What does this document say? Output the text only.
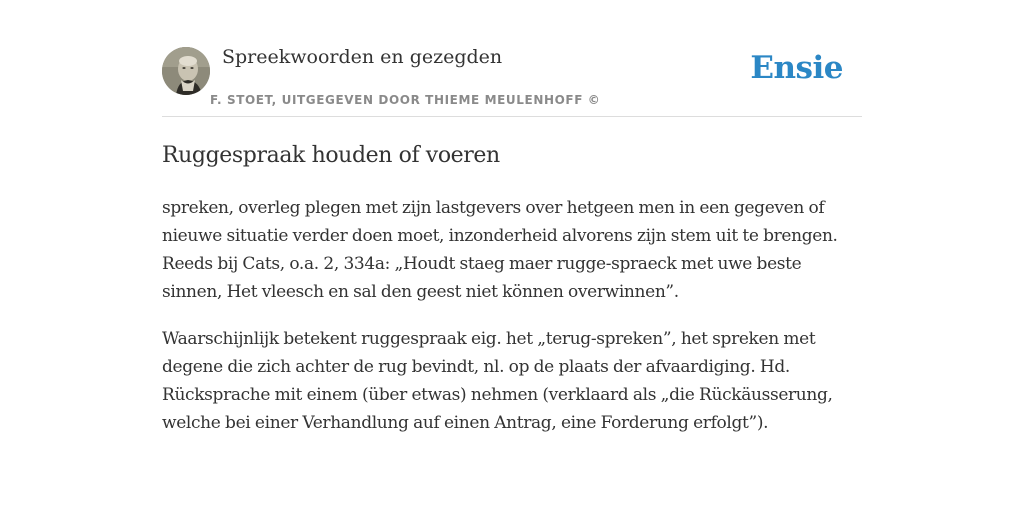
Spreekwoorden en gezegden
F. STOET, UITGEGEVEN DOOR THIEME MEULENHOFF ©
Ensie
Ruggespraak houden of voeren

spreken, overleg plegen met zijn lastgevers over hetgeen men in een gegeven of nieuwe situatie verder doen moet, inzonderheid alvorens zijn stem uit te brengen. Reeds bij Cats, o.a. 2, 334a: „Houdt staeg maer rugge-spraeck met uwe beste sinnen, Het vleesch en sal den geest niet können overwinnen”.

Waarschijnlijk betekent ruggespraak eig. het „terug-spreken”, het spreken met degene die zich achter de rug bevindt, nl. op de plaats der afvaardiging. Hd. Rücksprache mit einem (über etwas) nehmen (verklaard als „die Rückäusserung, welche bei einer Verhandlung auf einen Antrag, eine Forderung erfolgt”).
